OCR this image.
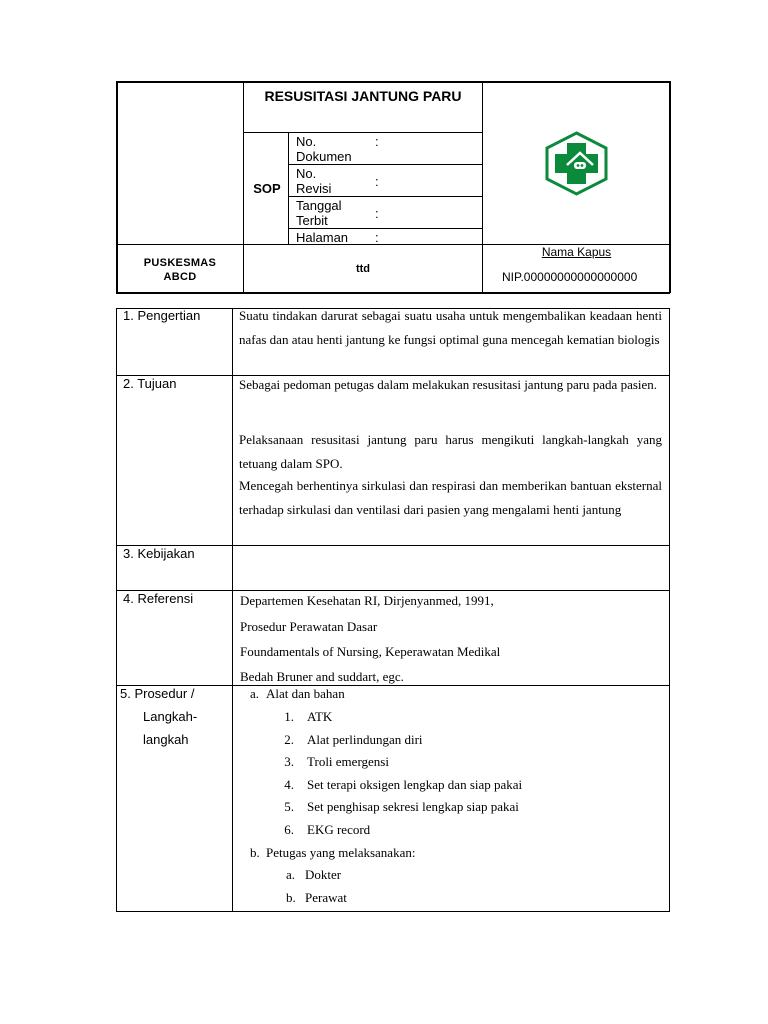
RESUSITASI JANTUNG PARU
SOP
No.
Dokumen
:
No.
Revisi	:
Tanggal
Terbit	:
Halaman	:
PUSKESMAS
ABCD
ttd
Nama Kapus
NIP.00000000000000000
1. Pengertian	Suatu tindakan darurat sebagai suatu usaha untuk mengembalikan keadaan henti nafas dan atau henti jantung ke fungsi optimal guna mencegah kematian biologis
2. Tujuan	Sebagai pedoman petugas dalam melakukan resusitasi jantung paru pada pasien.
Pelaksanaan resusitasi jantung paru harus mengikuti langkah-langkah yang tetuang dalam SPO.
Mencegah berhentinya sirkulasi dan respirasi dan memberikan bantuan eksternal terhadap sirkulasi dan ventilasi dari pasien yang mengalami henti jantung
3. Kebijakan
4. Referensi	Departemen Kesehatan RI, Dirjenyanmed, 1991,
Prosedur Perawatan Dasar
Foundamentals of Nursing, Keperawatan Medikal
Bedah Bruner and suddart, egc.
5. Prosedur /
Langkah-
langkah
a. Alat dan bahan
1. ATK
2. Alat perlindungan diri
3. Troli emergensi
4. Set terapi oksigen lengkap dan siap pakai
5. Set penghisap sekresi lengkap siap pakai
6. EKG record
b. Petugas yang melaksanakan:
a. Dokter
b. Perawat
